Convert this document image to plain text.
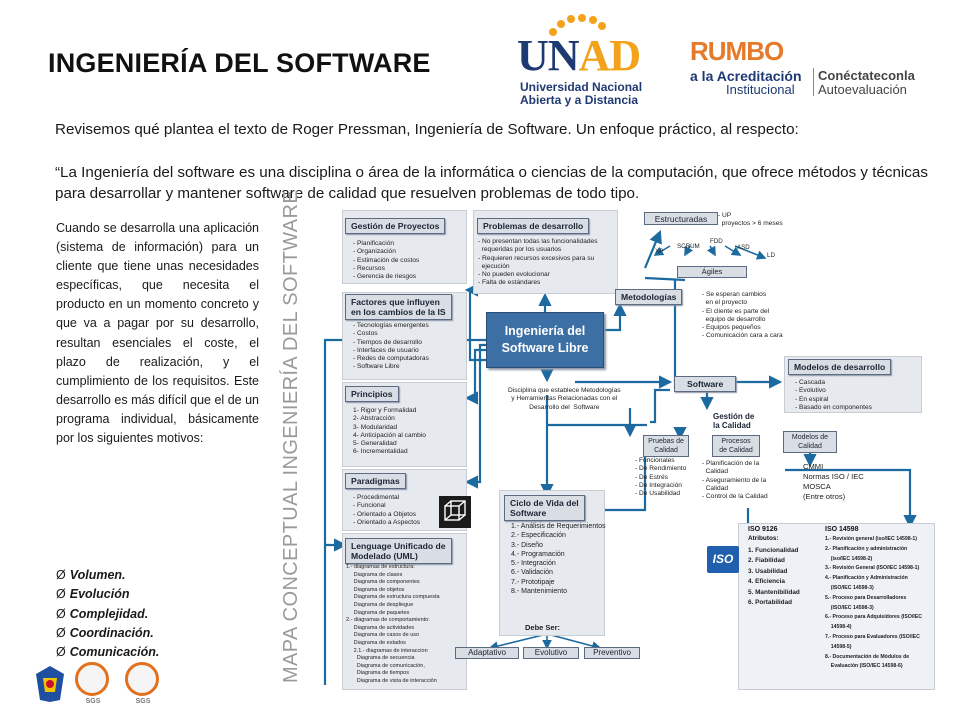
INGENIERÍA DEL SOFTWARE UNAD
Universidad Nacional
Abierta y a Distancia
RUMBO
a la Acreditación
Institucional
Conéctateconla
Autoevaluación

Revisemos qué plantea el texto de Roger Pressman, Ingeniería de Software. Un enfoque práctico, al respecto:

“La Ingeniería del software es una disciplina o área de la informática o ciencias de la computación, que ofrece métodos y técnicas para desarrollar y mantener software de calidad que resuelven problemas de todo tipo.

Cuando se desarrolla una aplicación (sistema de información) para un cliente que tiene unas necesidades específicas, que necesita el producto en un momento concreto y que va a pagar por su desarrollo, resultan esenciales el coste, el plazo de realización, y el cumplimiento de los requisitos. Este desarrollo es más difícil que el de un programa individual, básicamente por los siguientes motivos:

Ø Volumen.
Ø Evolución
Ø Complejidad.
Ø Coordinación.
Ø Comunicación.	MAPA CONCEPTUAL INGENIERÍA DEL SOFTWARE	Gestión de Proyectos
- Planificación
- Organización
- Estimación de costos
- Recursos
- Gerencia de riesgos
Problemas de desarrollo
- No presentan todas las funcionalidades
requeridas por los usuarios
- Requieren recursos excesivos para su
ejecución
- No pueden evolucionar
- Falta de estándares
Factores que influyen
en los cambios de la IS
- Tecnologías emergentes
- Costos
- Tiempos de desarrollo
- Interfaces de usuario
- Redes de computadoras
- Software Libre
Principios
1- Rigor y Formalidad
2- Abstracción
3- Modularidad
4- Anticipación al cambio
5- Generalidad
6- Incrementalidad
Paradigmas
- Procedimental
- Funcional
- Orientado a Objetos
- Orientado a Aspectos
Lenguage Unificado de
Modelado (UML)
1.- diagramas de estructura:
Diagrama de clases
Diagrama de componentes
Diagrama de objetos
Diagrama de estructura compuesta
Diagrama de despliegue
Diagrama de paquetes
2.- diagramas de comportamiento:
Diagrama de actividades
Diagrama de casos de uso
Diagrama de estados
2.1.- diagramas de interaccion
Diagrama de secuencia
Diagrama de comunicación,
Diagrama de tiempos
Diagrama de vista de interacción
Ingeniería del
Software Libre
Disciplina que establece Metodologías
y Herramientas Relacionadas con el
Desarrollo del  Software
Metodologías
Estructuradas	- UP
proyectos > 6 meses
XP
SCRUM
FDD
ASD
LD
Ágiles
- Se esperan cambios
en el proyecto
- El cliente es parte del
equipo de desarrollo
- Equipos pequeños
- Comunicación cara a cara
Software
Modelos de desarrollo
- Cascada
- Evolutivo
- En espiral
- Basado en componentes
Gestión de
la Calidad
Pruebas de
Calidad
Procesos
de Calidad
Modelos de
Calidad
- Funcionales
- De Rendimiento
- De Estrés
- De Integración
- De Usabilidad
- Planificación de la
Calidad
- Aseguramiento de la
Calidad
- Control de la Calidad
CMMI
Normas ISO / IEC
MOSCA
(Entre otros)
Ciclo de Vida del
Software
1.- Análisis de Requerimientos
2.- Especificación
3.- Diseño
4.- Programación
5.- Integración
6.- Validación
7.- Prototipaje
8.- Mantenimiento
Debe Ser:
Adaptativo	Evolutivo	Preventivo
ISO
ISO 9126
Atributos:
1. Funcionalidad
2. Fiabilidad
3. Usabilidad
4. Eficiencia
5. Mantenibilidad
6. Portabilidad
ISO 14598
1.- Revisión general (iso/IEC 14598-1)
2.- Planificación y administración
(iso/IEC 14598-2)
3.- Revisión General (ISO/IEC 14598-1)
4.- Planificación y Administración
(ISO/IEC 14598-3)
5.- Proceso para Desarrolladores
(ISO/IEC 14598-3)
6.- Proceso para Adquisidores (ISO/IEC
14598-4)
7.- Proceso para Evaluadores (ISO/IEC
14598-5)
8.- Documentación de Módulos de
Evaluación (ISO/IEC 14598-6)
SGS	SGS
